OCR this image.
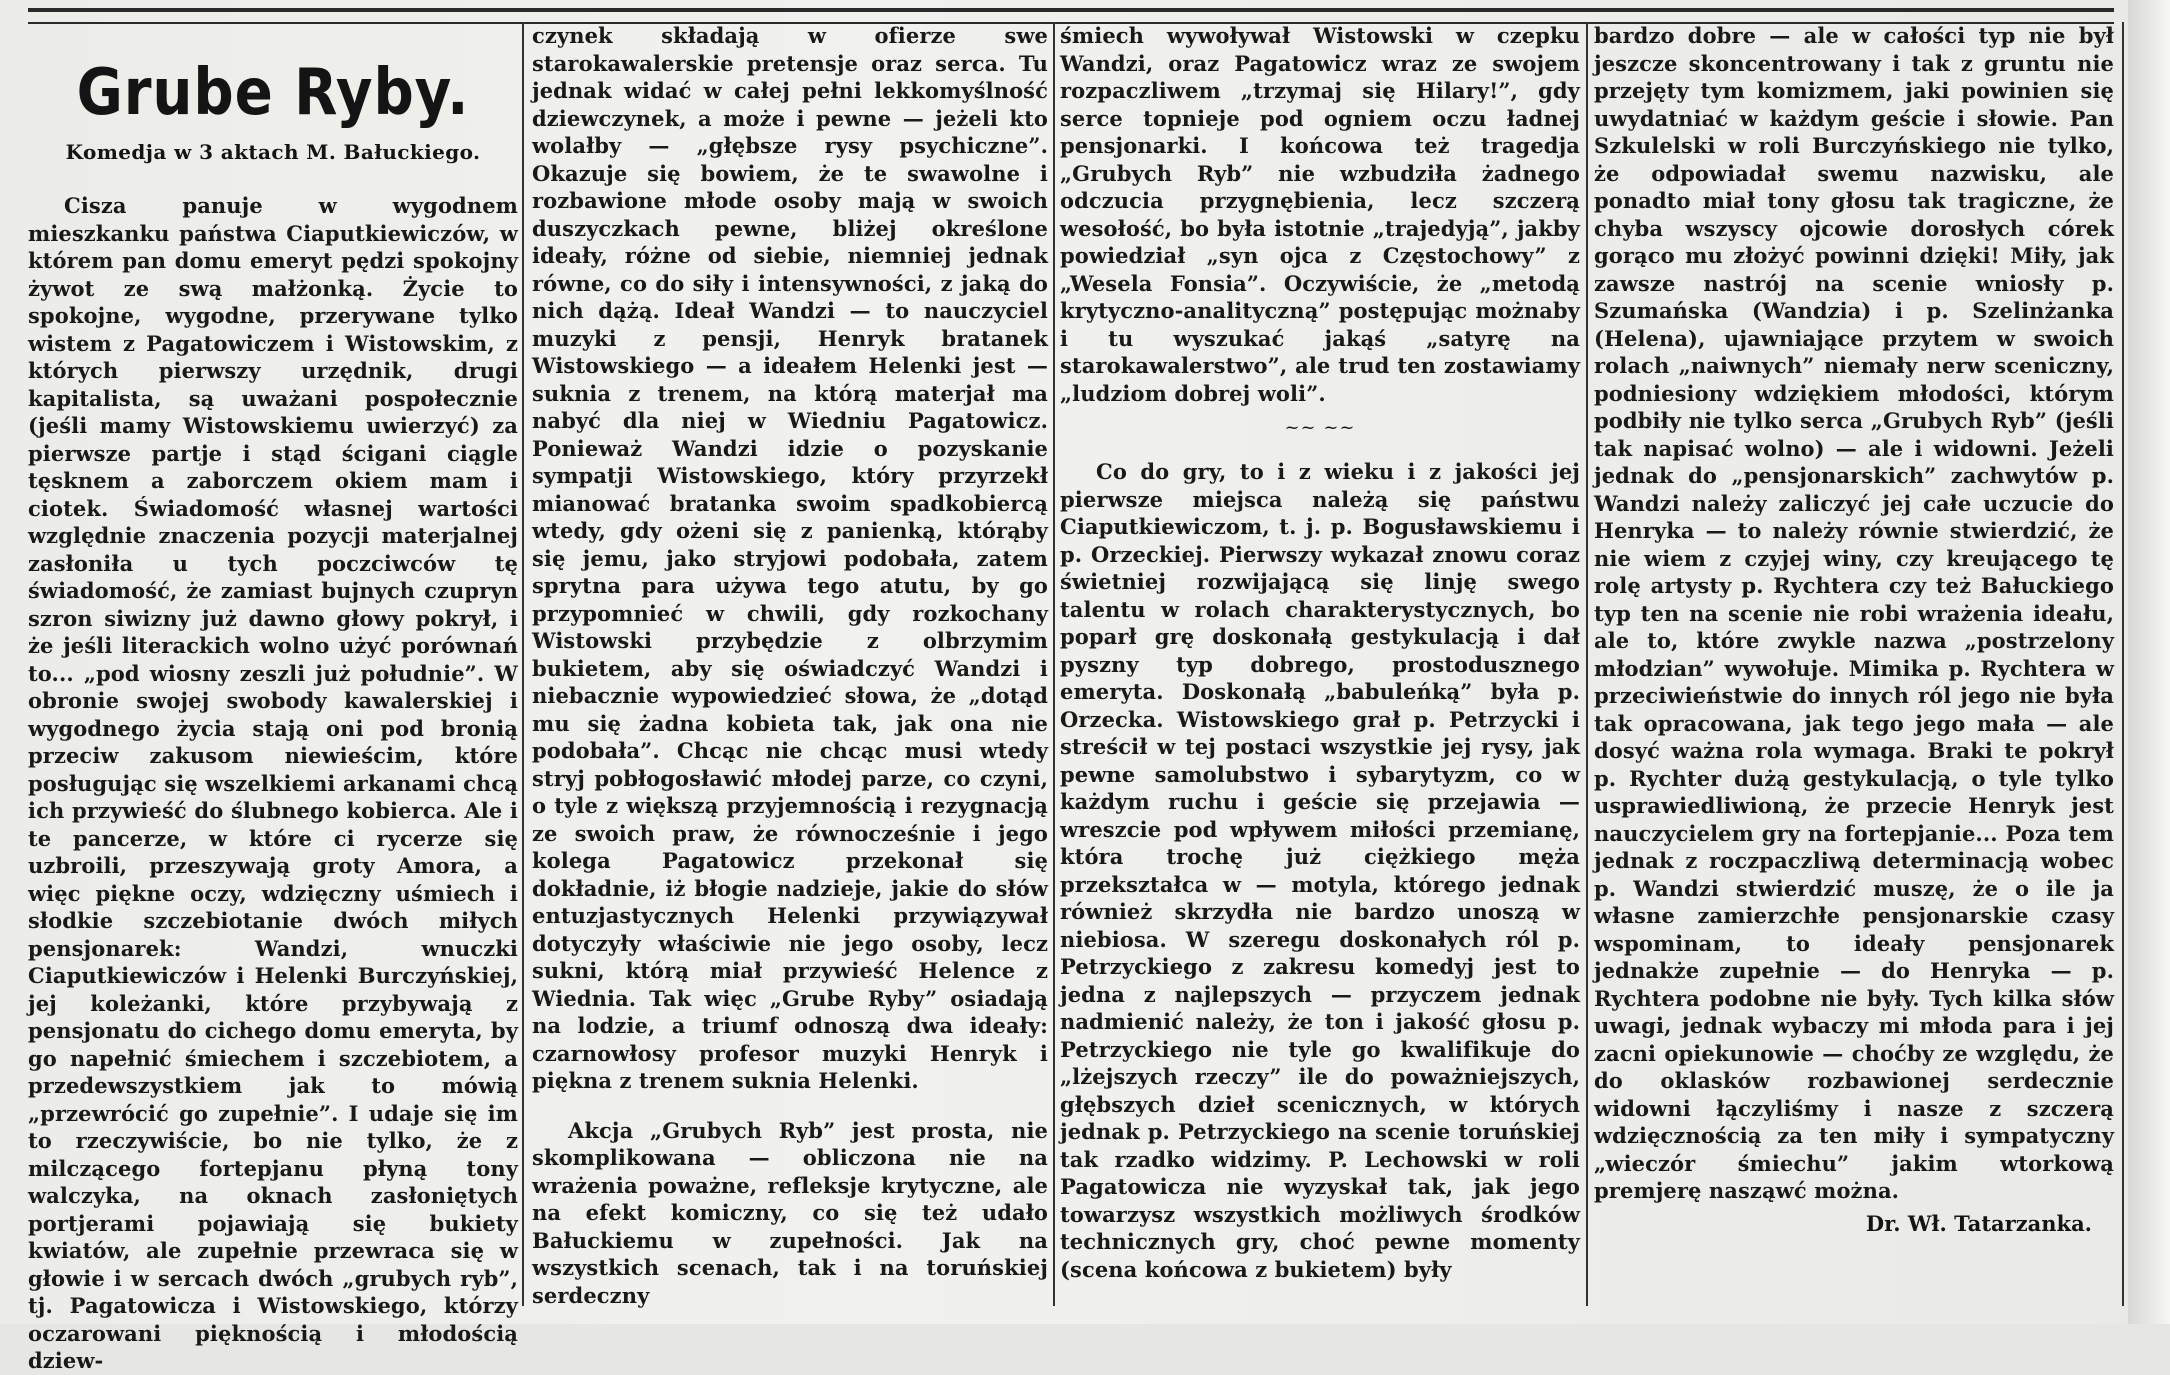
Grube Ryby.
Komedja w 3 aktach M. Bałuckiego.

Cisza panuje w wygodnem mieszkanku państwa Ciaputkiewiczów, w którem pan domu emeryt pędzi spokojny żywot ze swą małżonką. Życie to spokojne, wygodne, przerywane tylko wistem z Pagatowiczem i Wistowskim, z których pierwszy urzędnik, drugi kapitalista, są uważani pospołecznie (jeśli mamy Wistowskiemu uwierzyć) za pierwsze partje i stąd ścigani ciągle tęsknem a zaborczem okiem mam i ciotek. Świadomość własnej wartości względnie znaczenia pozycji materjalnej zasłoniła u tych poczciwców tę świadomość, że zamiast bujnych czupryn szron siwizny już dawno głowy pokrył, i że jeśli literackich wolno użyć porównań to... „pod wiosny zeszli już południe”. W obronie swojej swobody kawalerskiej i wygodnego życia stają oni pod bronią przeciw zakusom niewieścim, które posługując się wszelkiemi arkanami chcą ich przywieść do ślubnego kobierca. Ale i te pancerze, w które ci rycerze się uzbroili, przeszywają groty Amora, a więc piękne oczy, wdzięczny uśmiech i słodkie szczebiotanie dwóch miłych pensjonarek: Wandzi, wnuczki Ciaputkiewiczów i Helenki Burczyńskiej, jej koleżanki, które przybywają z pensjonatu do cichego domu emeryta, by go napełnić śmiechem i szczebiotem, a przedewszystkiem jak to mówią „przewrócić go zupełnie”. I udaje się im to rzeczywiście, bo nie tylko, że z milczącego fortepjanu płyną tony walczyka, na oknach zasłoniętych portjerami pojawiają się bukiety kwiatów, ale zupełnie przewraca się w głowie i w sercach dwóch „grubych ryb”, tj. Pagatowicza i Wistowskiego, którzy oczarowani pięknością i młodością dziew-

czynek składają w ofierze swe starokawalerskie pretensje oraz serca. Tu jednak widać w całej pełni lekkomyślność dziewczynek, a może i pewne — jeżeli kto wolałby — „głębsze rysy psychiczne”. Okazuje się bowiem, że te swawolne i rozbawione młode osoby mają w swoich duszyczkach pewne, bliżej określone ideały, różne od siebie, niemniej jednak równe, co do siły i intensywności, z jaką do nich dążą. Ideał Wandzi — to nauczyciel muzyki z pensji, Henryk bratanek Wistowskiego — a ideałem Helenki jest — suknia z trenem, na którą materjał ma nabyć dla niej w Wiedniu Pagatowicz. Ponieważ Wandzi idzie o pozyskanie sympatji Wistowskiego, który przyrzekł mianować bratanka swoim spadkobiercą wtedy, gdy ożeni się z panienką, którąby się jemu, jako stryjowi podobała, zatem sprytna para używa tego atutu, by go przypomnieć w chwili, gdy rozkochany Wistowski przybędzie z olbrzymim bukietem, aby się oświadczyć Wandzi i niebacznie wypowiedzieć słowa, że „dotąd mu się żadna kobieta tak, jak ona nie podobała”. Chcąc nie chcąc musi wtedy stryj pobłogosławić młodej parze, co czyni, o tyle z większą przyjemnością i rezygnacją ze swoich praw, że równocześnie i jego kolega Pagatowicz przekonał się dokładnie, iż błogie nadzieje, jakie do słów entuzjastycznych Helenki przywiązywał dotyczyły właściwie nie jego osoby, lecz sukni, którą miał przywieść Helence z Wiednia. Tak więc „Grube Ryby” osiadają na lodzie, a triumf odnoszą dwa ideały: czarnowłosy profesor muzyki Henryk i piękna z trenem suknia Helenki.

Akcja „Grubych Ryb” jest prosta, nie skomplikowana — obliczona nie na wrażenia poważne, refleksje krytyczne, ale na efekt komiczny, co się też udało Bałuckiemu w zupełności. Jak na wszystkich scenach, tak i na toruńskiej serdeczny

śmiech wywoływał Wistowski w czepku Wandzi, oraz Pagatowicz wraz ze swojem rozpaczliwem „trzymaj się Hilary!”, gdy serce topnieje pod ogniem oczu ładnej pensjonarki. I końcowa też tragedja „Grubych Ryb” nie wzbudziła żadnego odczucia przygnębienia, lecz szczerą wesołość, bo była istotnie „trajedyją”, jakby powiedział „syn ojca z Częstochowy” z „Wesela Fonsia”. Oczywiście, że „metodą krytyczno-analityczną” postępując możnaby i tu wyszukać jakąś „satyrę na starokawalerstwo”, ale trud ten zostawiamy „ludziom dobrej woli”.

~~ ~~

Co do gry, to i z wieku i z jakości jej pierwsze miejsca należą się państwu Ciaputkiewiczom, t. j. p. Bogusławskiemu i p. Orzeckiej. Pierwszy wykazał znowu coraz świetniej rozwijającą się linję swego talentu w rolach charakterystycznych, bo poparł grę doskonałą gestykulacją i dał pyszny typ dobrego, prostodusznego emeryta. Doskonałą „babuleńką” była p. Orzecka. Wistowskiego grał p. Petrzycki i streścił w tej postaci wszystkie jej rysy, jak pewne samolubstwo i sybarytyzm, co w każdym ruchu i geście się przejawia — wreszcie pod wpływem miłości przemianę, która trochę już ciężkiego męża przekształca w — motyla, którego jednak również skrzydła nie bardzo unoszą w niebiosa. W szeregu doskonałych ról p. Petrzyckiego z zakresu komedyj jest to jedna z najlepszych — przyczem jednak nadmienić należy, że ton i jakość głosu p. Petrzyckiego nie tyle go kwalifikuje do „lżejszych rzeczy” ile do poważniejszych, głębszych dzieł scenicznych, w których jednak p. Petrzyckiego na scenie toruńskiej tak rzadko widzimy. P. Lechowski w roli Pagatowicza nie wyzyskał tak, jak jego towarzysz wszystkich możliwych środków technicznych gry, choć pewne momenty (scena końcowa z bukietem) były

bardzo dobre — ale w całości typ nie był jeszcze skoncentrowany i tak z gruntu nie przejęty tym komizmem, jaki powinien się uwydatniać w każdym geście i słowie. Pan Szkulelski w roli Burczyńskiego nie tylko, że odpowiadał swemu nazwisku, ale ponadto miał tony głosu tak tragiczne, że chyba wszyscy ojcowie dorosłych córek gorąco mu złożyć powinni dzięki! Miły, jak zawsze nastrój na scenie wniosły p. Szumańska (Wandzia) i p. Szelinżanka (Helena), ujawniające przytem w swoich rolach „naiwnych” niemały nerw sceniczny, podniesiony wdziękiem młodości, którym podbiły nie tylko serca „Grubych Ryb” (jeśli tak napisać wolno) — ale i widowni. Jeżeli jednak do „pensjonarskich” zachwytów p. Wandzi należy zaliczyć jej całe uczucie do Henryka — to należy równie stwierdzić, że nie wiem z czyjej winy, czy kreującego tę rolę artysty p. Rychtera czy też Bałuckiego typ ten na scenie nie robi wrażenia ideału, ale to, które zwykle nazwa „postrzelony młodzian” wywołuje. Mimika p. Rychtera w przeciwieństwie do innych ról jego nie była tak opracowana, jak tego jego mała — ale dosyć ważna rola wymaga. Braki te pokrył p. Rychter dużą gestykulacją, o tyle tylko usprawiedliwioną, że przecie Henryk jest nauczycielem gry na fortepjanie... Poza tem jednak z roczpaczliwą determinacją wobec p. Wandzi stwierdzić muszę, że o ile ja własne zamierzchłe pensjonarskie czasy wspominam, to ideały pensjonarek jednakże zupełnie — do Henryka — p. Rychtera podobne nie były. Tych kilka słów uwagi, jednak wybaczy mi młoda para i jej zacni opiekunowie — choćby ze względu, że do oklasków rozbawionej serdecznie widowni łączyliśmy i nasze z szczerą wdzięcznością za ten miły i sympatyczny „wieczór śmiechu” jakim wtorkową premjerę nasząwć można.

Dr. Wł. Tatarzanka.
